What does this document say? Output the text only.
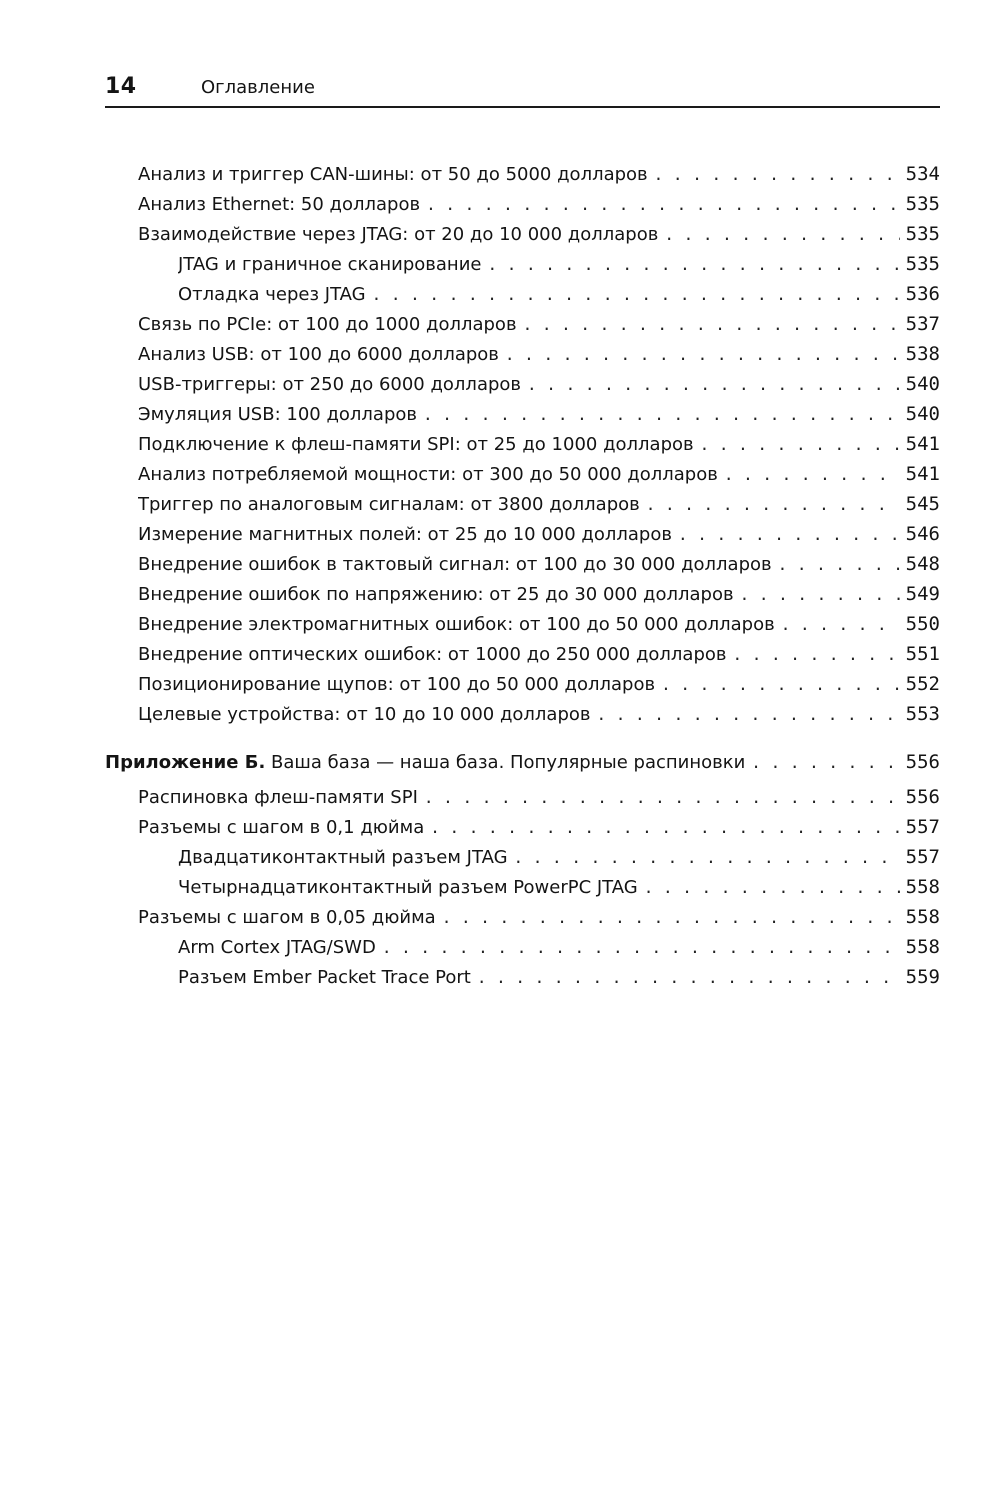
14	Оглавление
Анализ и триггер CAN-шины: от 50 до 5000 долларов . . .	534
Анализ Ethernet: 50 долларов . . .	535
Взаимодействие через JTAG: от 20 до 10 000 долларов . . .	535
JTAG и граничное сканирование . . .	535
Отладка через JTAG . . .	536
Связь по PCIe: от 100 до 1000 долларов . . .	537
Анализ USB: от 100 до 6000 долларов . . .	538
USB-триггеры: от 250 до 6000 долларов . . .	540
Эмуляция USB: 100 долларов . . .	540
Подключение к флеш-памяти SPI: от 25 до 1000 долларов . . .	541
Анализ потребляемой мощности: от 300 до 50 000 долларов . . .	541
Триггер по аналоговым сигналам: от 3800 долларов . . .	545
Измерение магнитных полей: от 25 до 10 000 долларов . . .	546
Внедрение ошибок в тактовый сигнал: от 100 до 30 000 долларов . . .	548
Внедрение ошибок по напряжению: от 25 до 30 000 долларов . . .	549
Внедрение электромагнитных ошибок: от 100 до 50 000 долларов . . .	550
Внедрение оптических ошибок: от 1000 до 250 000 долларов . . .	551
Позиционирование щупов: от 100 до 50 000 долларов . . .	552
Целевые устройства: от 10 до 10 000 долларов . . .	553
Приложение Б. Ваша база — наша база. Популярные распиновки . . .	556
Распиновка флеш-памяти SPI . . .	556
Разъемы с шагом в 0,1 дюйма . . .	557
Двадцатиконтактный разъем JTAG . . .	557
Четырнадцатиконтактный разъем PowerPC JTAG . . .	558
Разъемы с шагом в 0,05 дюйма . . .	558
Arm Cortex JTAG/SWD . . .	558
Разъем Ember Packet Trace Port . . .	559
